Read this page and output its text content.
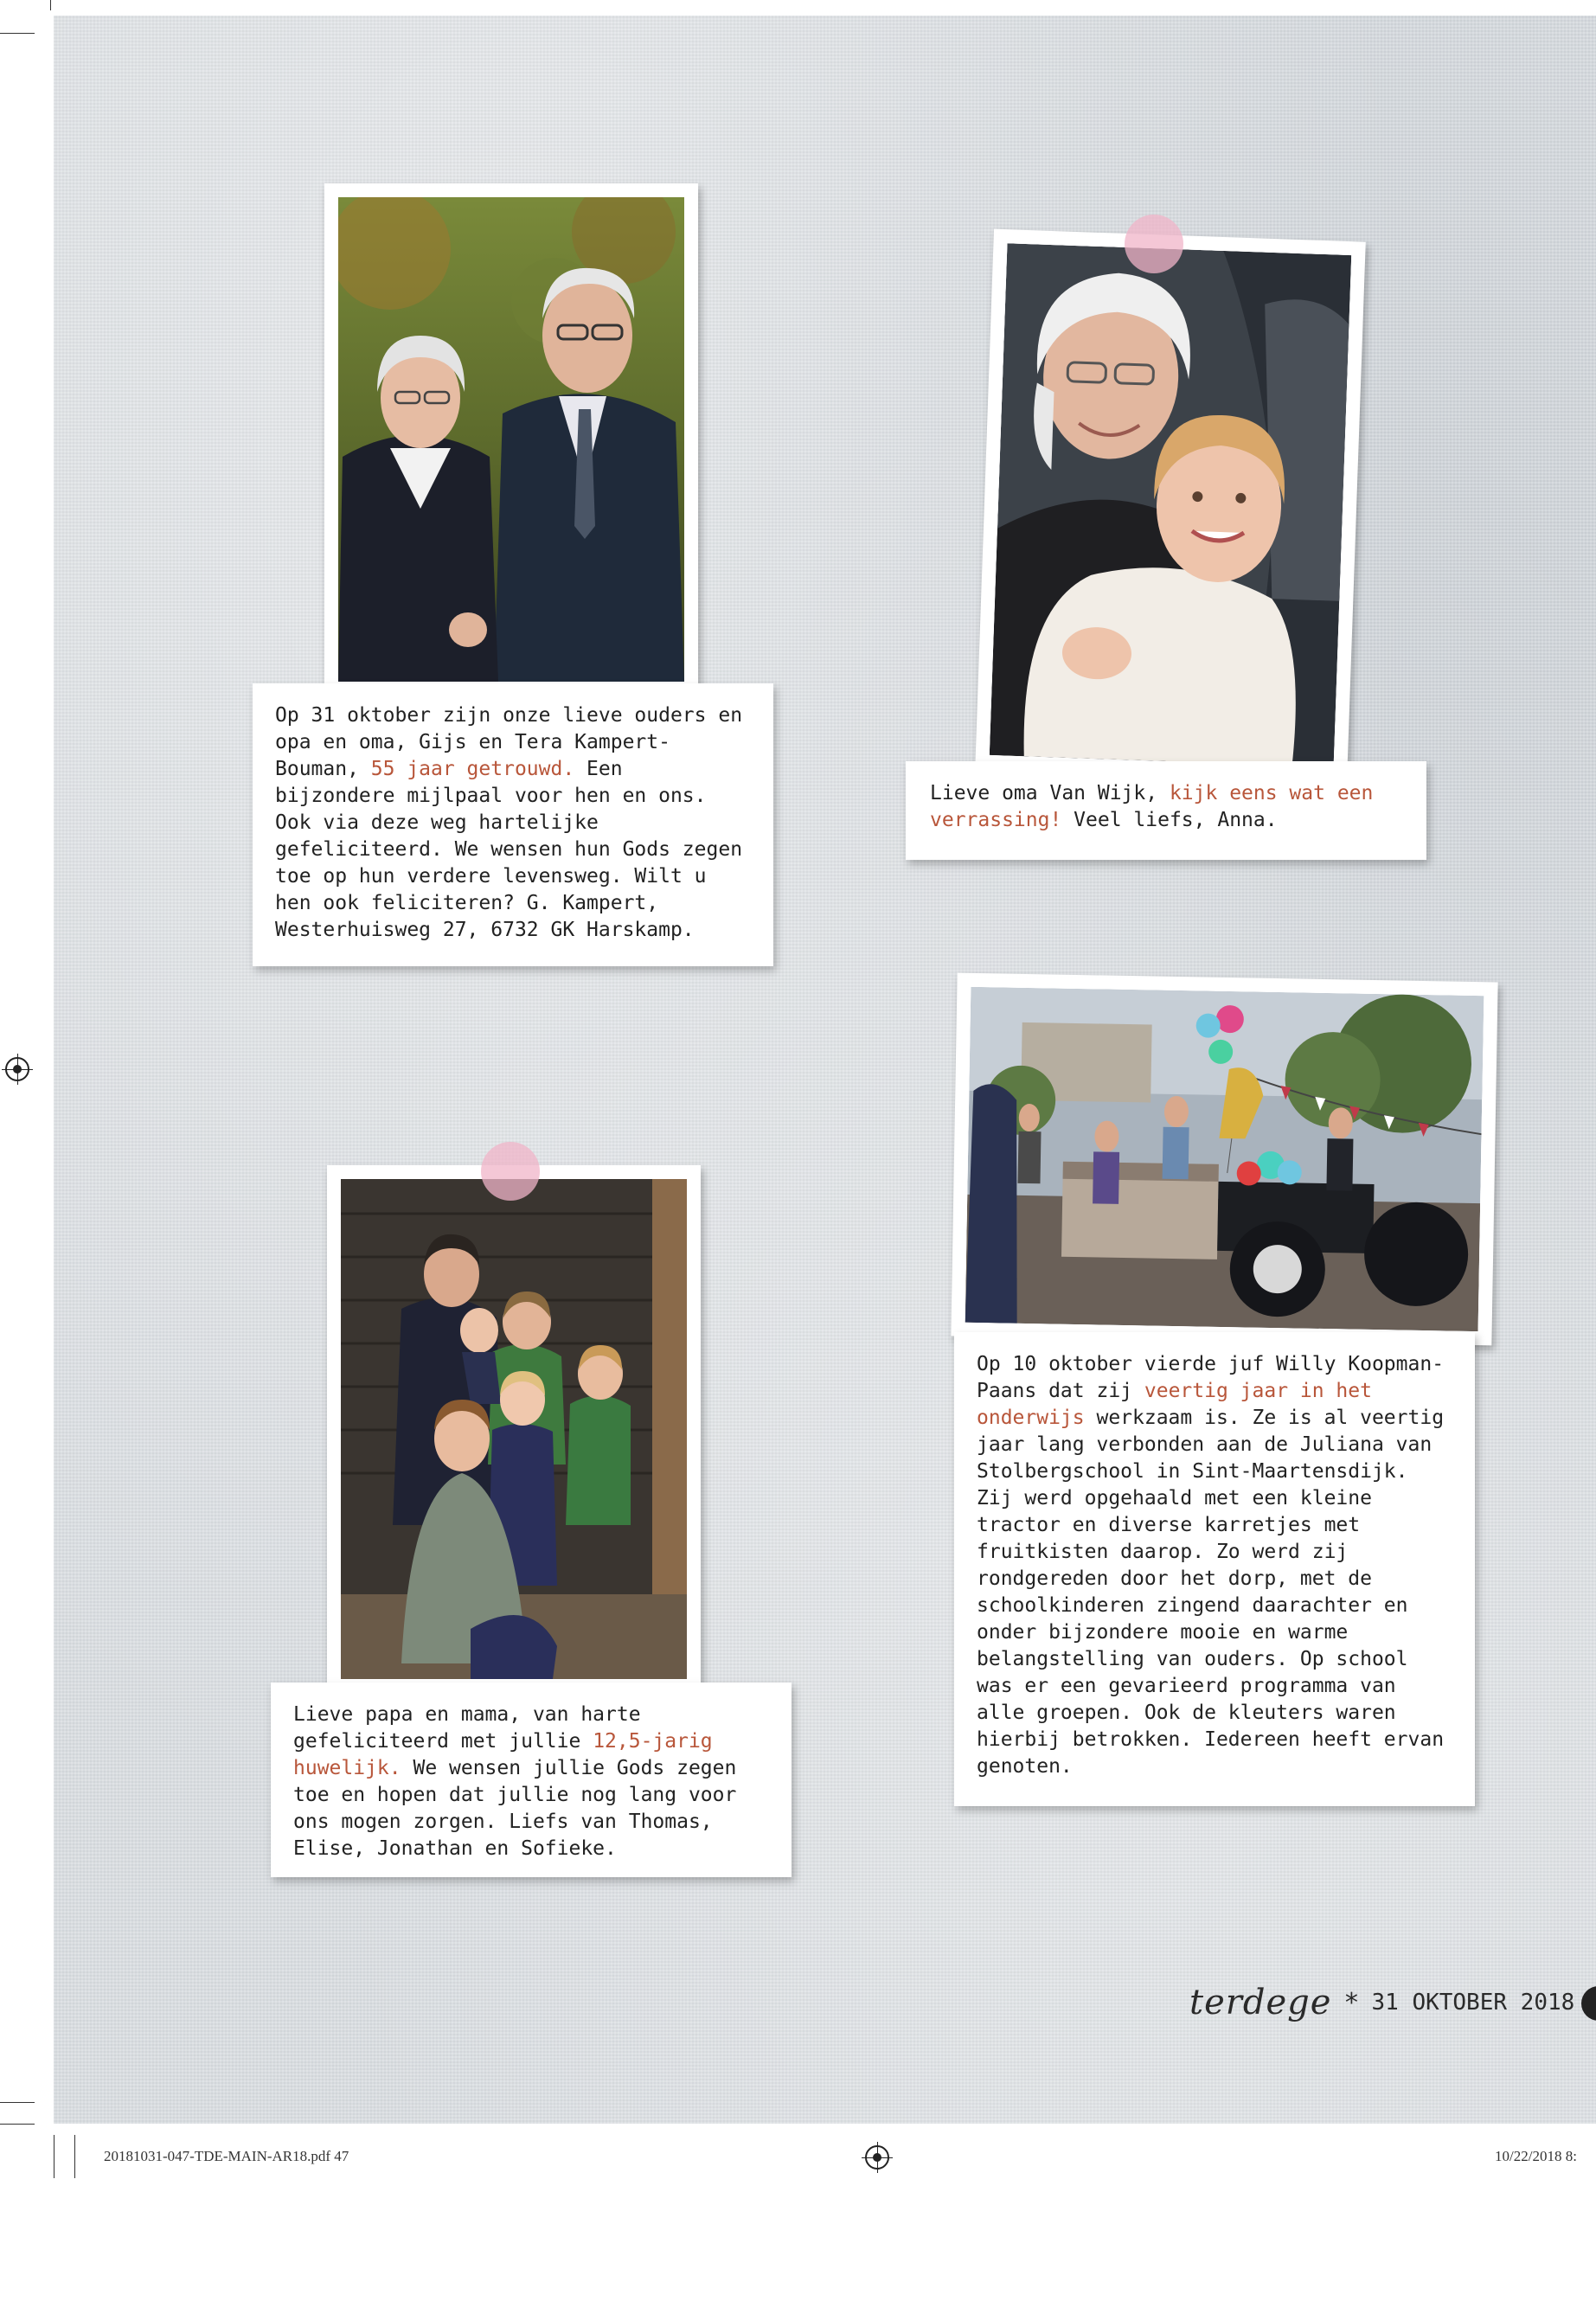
Op 31 oktober zijn onze lieve ouders en opa en oma, Gijs en Tera Kampert-Bouman, 55 jaar getrouwd. Een bijzondere mijlpaal voor hen en ons. Ook via deze weg hartelijke gefeliciteerd. We wensen hun Gods zegen toe op hun verdere levensweg. Wilt u hen ook feliciteren? G. Kampert, Westerhuisweg 27, 6732 GK Harskamp.
Lieve oma Van Wijk, kijk eens wat een verrassing! Veel liefs, Anna.
Lieve papa en mama, van harte gefeliciteerd met jullie 12,5-jarig huwelijk. We wensen jullie Gods zegen toe en hopen dat jullie nog lang voor ons mogen zorgen. Liefs van Thomas, Elise, Jonathan en Sofieke.
Op 10 oktober vierde juf Willy Koopman-Paans dat zij veertig jaar in het onderwijs werkzaam is. Ze is al veertig jaar lang verbonden aan de Juliana van Stolbergschool in Sint-Maartensdijk. Zij werd opgehaald met een kleine tractor en diverse karretjes met fruitkisten daarop. Zo werd zij rondgereden door het dorp, met de schoolkinderen zingend daarachter en onder bijzondere mooie en warme belangstelling van ouders. Op school was er een gevarieerd programma van alle groepen. Ook de kleuters waren hierbij betrokken. Iedereen heeft ervan genoten.
terdege * 31 OKTOBER 2018
20181031-047-TDE-MAIN-AR18.pdf 47	10/22/2018 8:
